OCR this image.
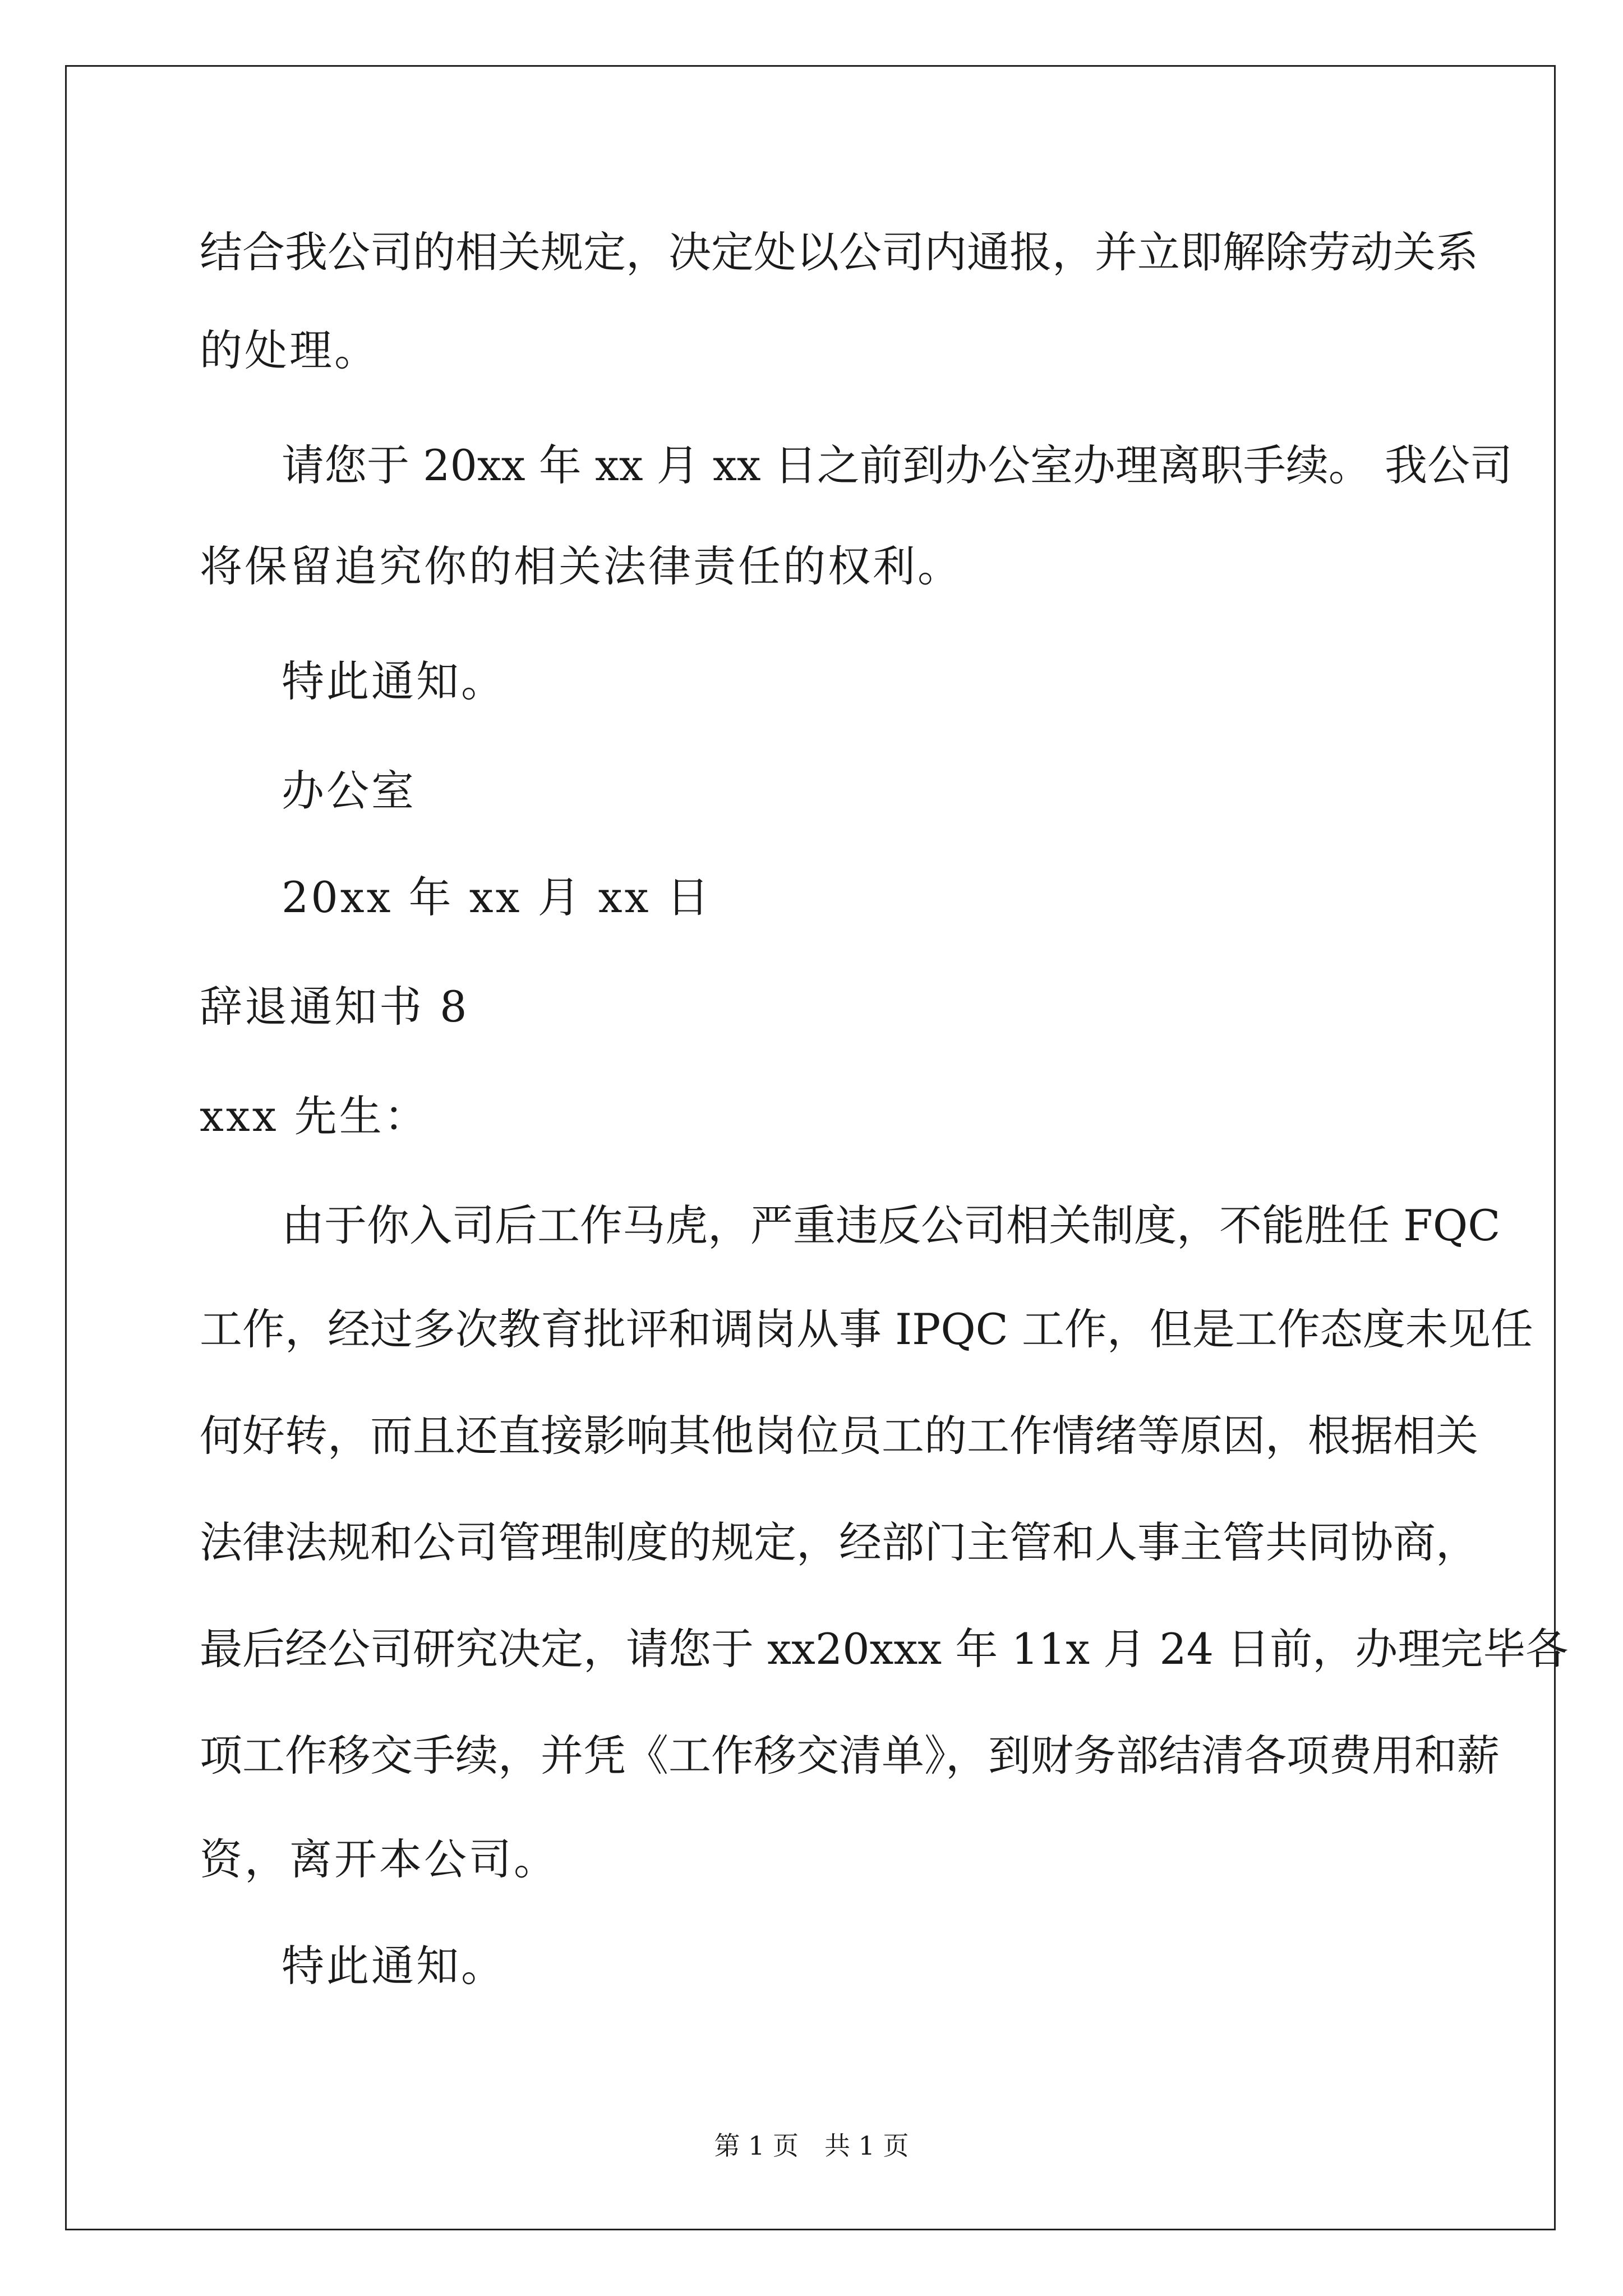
结合我公司的相关规定，决定处以公司内通报，并立即解除劳动关系
的处理。
请您于 20xx 年 xx 月 xx 日之前到办公室办理离职手续。 我公司
将保留追究你的相关法律责任的权利。
特此通知。
办公室
20xx 年 xx 月 xx 日
辞退通知书 8
xxx 先生：
由于你入司后工作马虎，严重违反公司相关制度，不能胜任 FQC
工作，经过多次教育批评和调岗从事 IPQC 工作，但是工作态度未见任
何好转，而且还直接影响其他岗位员工的工作情绪等原因，根据相关
法律法规和公司管理制度的规定，经部门主管和人事主管共同协商，
最后经公司研究决定，请您于 xx20xxx 年 11x 月 24 日前，办理完毕各
项工作移交手续，并凭《工作移交清单》，到财务部结清各项费用和薪
资，离开本公司。
特此通知。
第 1 页　共 1 页
